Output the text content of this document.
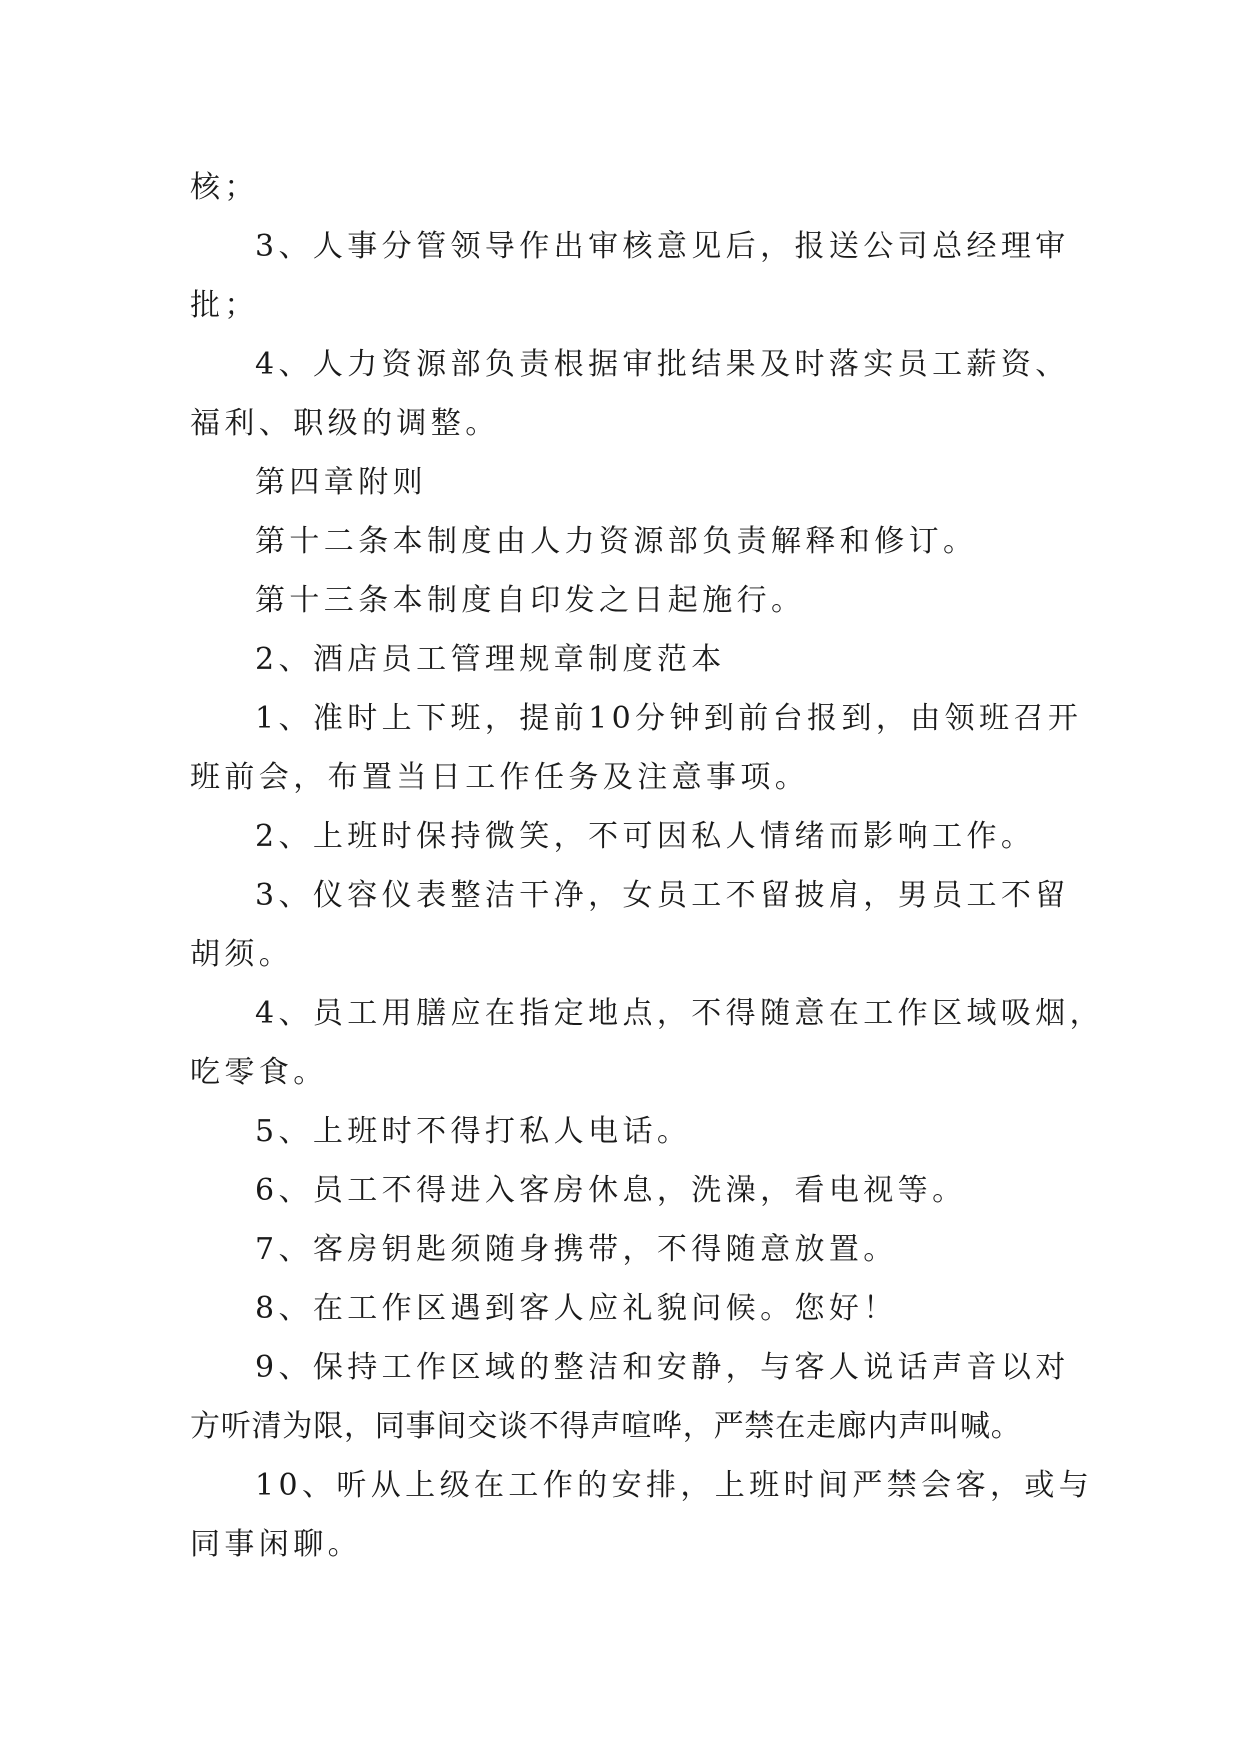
核；

3、人事分管领导作出审核意见后，报送公司总经理审

批；

4、人力资源部负责根据审批结果及时落实员工薪资、

福利、职级的调整。

第四章附则

第十二条本制度由人力资源部负责解释和修订。

第十三条本制度自印发之日起施行。

2、酒店员工管理规章制度范本

1、准时上下班，提前10分钟到前台报到，由领班召开

班前会，布置当日工作任务及注意事项。

2、上班时保持微笑，不可因私人情绪而影响工作。

3、仪容仪表整洁干净，女员工不留披肩，男员工不留

胡须。

4、员工用膳应在指定地点，不得随意在工作区域吸烟，

吃零食。

5、上班时不得打私人电话。

6、员工不得进入客房休息，洗澡，看电视等。

7、客房钥匙须随身携带，不得随意放置。

8、在工作区遇到客人应礼貌问候。您好！

9、保持工作区域的整洁和安静，与客人说话声音以对

方听清为限，同事间交谈不得声喧哗，严禁在走廊内声叫喊。

10、听从上级在工作的安排，上班时间严禁会客，或与

同事闲聊。
